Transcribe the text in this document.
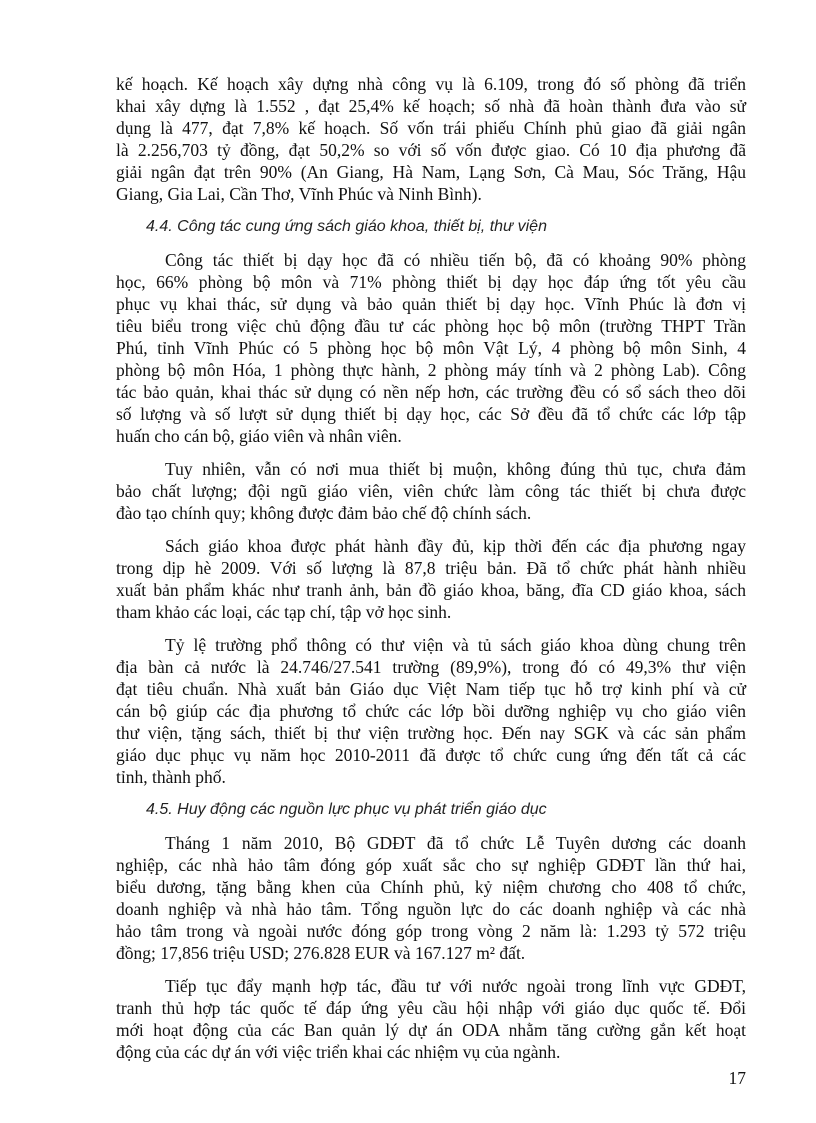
kế hoạch. Kế hoạch xây dựng nhà công vụ là 6.109, trong đó số phòng đã triển
khai xây dựng là 1.552 , đạt 25,4% kế hoạch; số nhà đã hoàn thành đưa vào sử
dụng là 477, đạt 7,8% kế hoạch. Số vốn trái phiếu Chính phủ giao đã giải ngân
là 2.256,703 tỷ đồng, đạt 50,2% so với số vốn được giao. Có 10 địa phương đã
giải ngân đạt trên 90% (An Giang, Hà Nam, Lạng Sơn, Cà Mau, Sóc Trăng, Hậu
Giang, Gia Lai, Cần Thơ, Vĩnh Phúc và Ninh Bình).
4.4. Công tác cung ứng sách giáo khoa, thiết bị, thư viện
Công tác thiết bị dạy học đã có nhiều tiến bộ, đã có khoảng 90% phòng
học, 66% phòng bộ môn và 71% phòng thiết bị dạy học đáp ứng tốt yêu cầu
phục vụ khai thác, sử dụng và bảo quản thiết bị dạy học. Vĩnh Phúc là đơn vị
tiêu biểu trong việc chủ động đầu tư các phòng học bộ môn (trường THPT Trần
Phú, tỉnh Vĩnh Phúc có 5 phòng học bộ môn Vật Lý, 4 phòng bộ môn Sinh, 4
phòng bộ môn Hóa, 1 phòng thực hành, 2 phòng máy tính và 2 phòng Lab). Công
tác bảo quản, khai thác sử dụng có nền nếp hơn, các trường đều có sổ sách theo dõi
số lượng và số lượt sử dụng thiết bị dạy học, các Sở đều đã tổ chức các lớp tập
huấn cho cán bộ, giáo viên và nhân viên.
Tuy nhiên, vẫn có nơi mua thiết bị muộn, không đúng thủ tục, chưa đảm
bảo chất lượng; đội ngũ giáo viên, viên chức làm công tác thiết bị chưa được
đào tạo chính quy; không được đảm bảo chế độ chính sách.
Sách giáo khoa được phát hành đầy đủ, kịp thời đến các địa phương ngay
trong dịp hè 2009. Với số lượng là 87,8 triệu bản. Đã tổ chức phát hành nhiều
xuất bản phẩm khác như tranh ảnh, bản đồ giáo khoa, băng, đĩa CD giáo khoa, sách
tham khảo các loại, các tạp chí, tập vở học sinh.
Tỷ lệ trường phổ thông có thư viện và tủ sách giáo khoa dùng chung trên
địa bàn cả nước là 24.746/27.541 trường (89,9%), trong đó có 49,3% thư viện
đạt tiêu chuẩn. Nhà xuất bản Giáo dục Việt Nam tiếp tục hỗ trợ kinh phí và cử
cán bộ giúp các địa phương tổ chức các lớp bồi dưỡng nghiệp vụ cho giáo viên
thư viện, tặng sách, thiết bị thư viện trường học. Đến nay SGK và các sản phẩm
giáo dục phục vụ năm học 2010-2011 đã được tổ chức cung ứng đến tất cả các
tỉnh, thành phố.
4.5. Huy động các nguồn lực phục vụ phát triển giáo dục
Tháng 1 năm 2010, Bộ GDĐT đã tổ chức Lễ Tuyên dương các doanh
nghiệp, các nhà hảo tâm đóng góp xuất sắc cho sự nghiệp GDĐT lần thứ hai,
biểu dương, tặng bằng khen của Chính phủ, kỷ niệm chương cho 408 tổ chức,
doanh nghiệp và nhà hảo tâm. Tổng nguồn lực do các doanh nghiệp và các nhà
hảo tâm trong và ngoài nước đóng góp trong vòng 2 năm là: 1.293 tỷ 572 triệu
đồng; 17,856 triệu USD; 276.828 EUR và 167.127 m² đất.
Tiếp tục đẩy mạnh hợp tác, đầu tư với nước ngoài trong lĩnh vực GDĐT,
tranh thủ hợp tác quốc tế đáp ứng yêu cầu hội nhập với giáo dục quốc tế. Đổi
mới hoạt động của các Ban quản lý dự án ODA nhằm tăng cường gắn kết hoạt
động của các dự án với việc triển khai các nhiệm vụ của ngành.
17
